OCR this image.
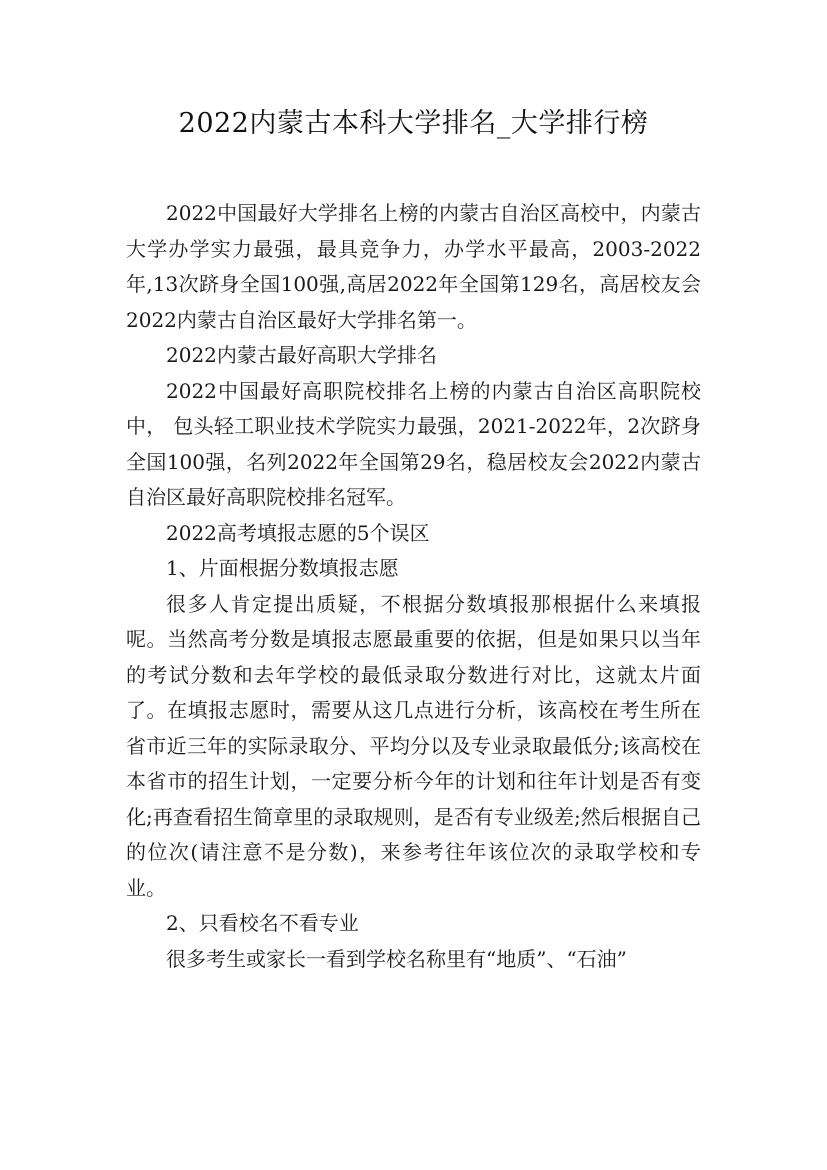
2022内蒙古本科大学排名_大学排行榜

2022中国最好大学排名上榜的内蒙古自治区高校中，内蒙古大学办学实力最强，最具竞争力，办学水平最高，2003-2022年,13次跻身全国100强,高居2022年全国第129名，高居校友会2022内蒙古自治区最好大学排名第一。

2022内蒙古最好高职大学排名

2022中国最好高职院校排名上榜的内蒙古自治区高职院校中， 包头轻工职业技术学院实力最强，2021-2022年，2次跻身全国100强，名列2022年全国第29名，稳居校友会2022内蒙古自治区最好高职院校排名冠军。

2022高考填报志愿的5个误区

1、片面根据分数填报志愿

很多人肯定提出质疑，不根据分数填报那根据什么来填报呢。当然高考分数是填报志愿最重要的依据，但是如果只以当年的考试分数和去年学校的最低录取分数进行对比，这就太片面了。在填报志愿时，需要从这几点进行分析，该高校在考生所在省市近三年的实际录取分、平均分以及专业录取最低分;该高校在本省市的招生计划，一定要分析今年的计划和往年计划是否有变化;再查看招生简章里的录取规则，是否有专业级差;然后根据自己的位次(请注意不是分数)，来参考往年该位次的录取学校和专业。

2、只看校名不看专业

很多考生或家长一看到学校名称里有“地质”、“石油”
